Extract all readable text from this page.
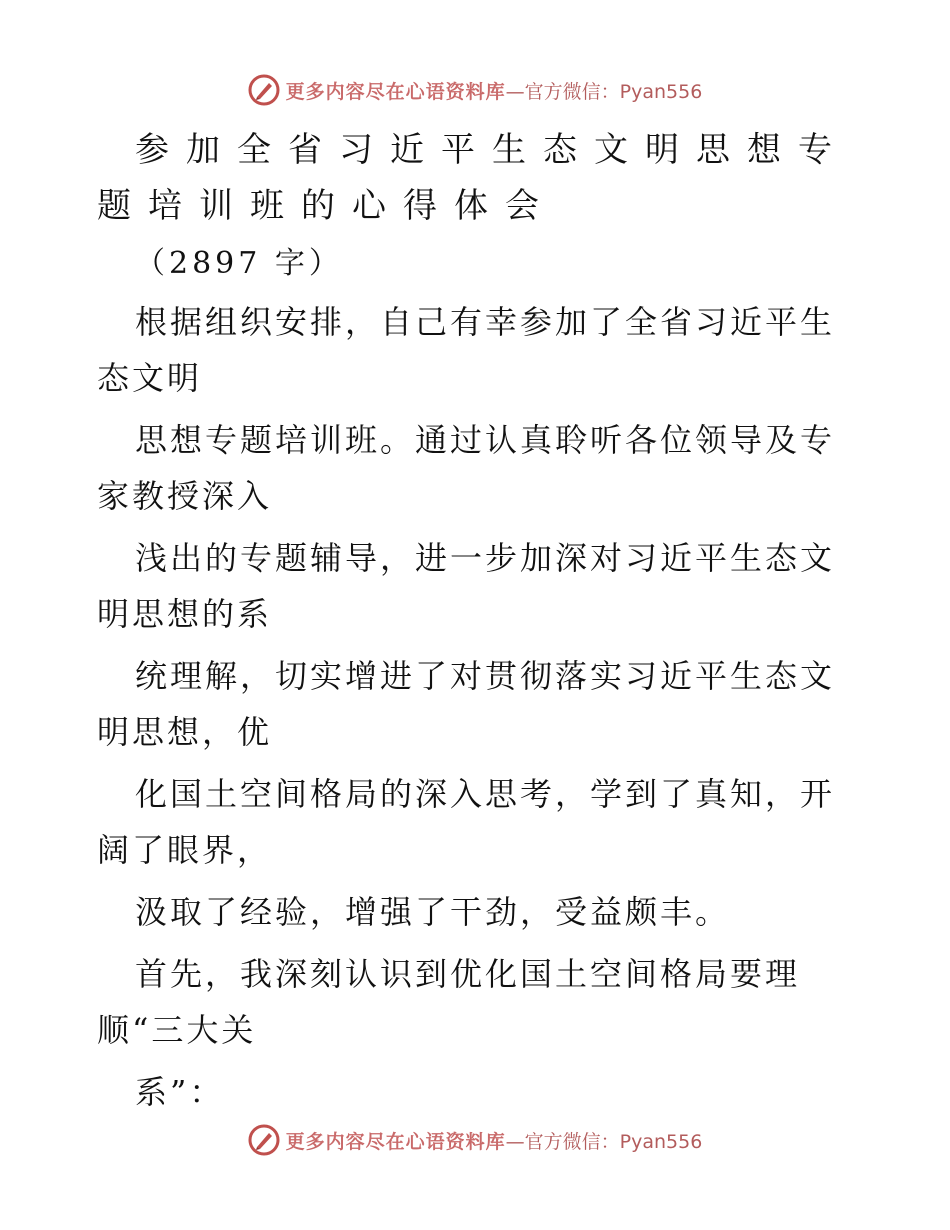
更多内容尽在心语资料库 —官方微信：Pyan556
参加全省习近平生态文明思想专题培训班的心得体会

（2897 字）

根据组织安排，自己有幸参加了全省习近平生态文明

思想专题培训班。通过认真聆听各位领导及专家教授深入

浅出的专题辅导，进一步加深对习近平生态文明思想的系

统理解，切实增进了对贯彻落实习近平生态文明思想，优

化国土空间格局的深入思考，学到了真知，开阔了眼界，

汲取了经验，增强了干劲，受益颇丰。

首先，我深刻认识到优化国土空间格局要理顺“三大关

系”：

更多内容尽在心语资料库 —官方微信：Pyan556
